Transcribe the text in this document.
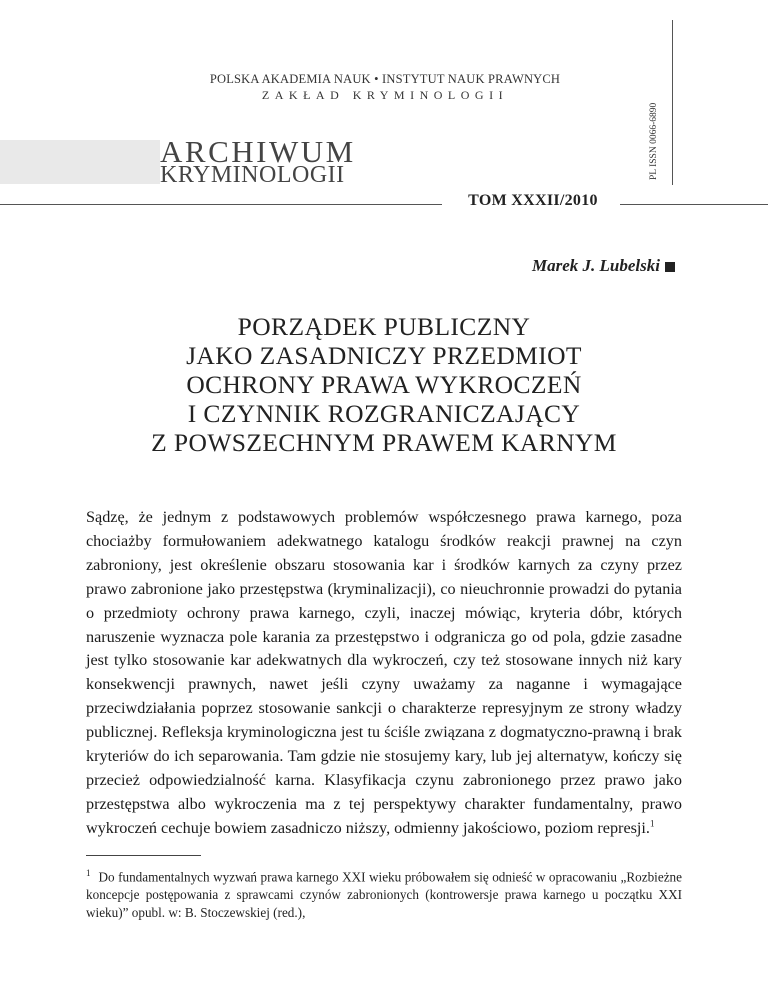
POLSKA AKADEMIA NAUK • INSTYTUT NAUK PRAWNYCH
ZAKŁAD KRYMINOLOGII
PL ISSN 0066-6890
ARCHIWUM
KRYMINOLOGII
TOM XXXII/2010
Marek J. Lubelski
PORZĄDEK PUBLICZNY
JAKO ZASADNICZY PRZEDMIOT
OCHRONY PRAWA WYKROCZEŃ
I CZYNNIK ROZGRANICZAJĄCY
Z POWSZECHNYM PRAWEM KARNYM
Sądzę, że jednym z podstawowych problemów współczesnego prawa karnego, poza chociażby formułowaniem adekwatnego katalogu środków reakcji prawnej na czyn zabroniony, jest określenie obszaru stosowania kar i środków karnych za czyny przez prawo zabronione jako przestępstwa (kryminalizacji), co nieuchronnie prowadzi do pytania o przedmioty ochrony prawa karnego, czyli, inaczej mówiąc, kryteria dóbr, których naruszenie wyznacza pole karania za przestępstwo i odgranicza go od pola, gdzie zasadne jest tylko stosowanie kar adekwatnych dla wykroczeń, czy też stosowane innych niż kary konsekwencji prawnych, nawet jeśli czyny uważamy za naganne i wymagające przeciwdziałania poprzez stosowanie sankcji o charakterze represyjnym ze strony władzy publicznej. Refleksja kryminologiczna jest tu ściśle związana z dogmatyczno-prawną i brak kryteriów do ich separowania. Tam gdzie nie stosujemy kary, lub jej alternatyw, kończy się przecież odpowiedzialność karna. Klasyfikacja czynu zabronionego przez prawo jako przestępstwa albo wykroczenia ma z tej perspektywy charakter fundamentalny, prawo wykroczeń cechuje bowiem zasadniczo niższy, odmienny jakościowo, poziom represji.$^1$
$^1$ Do fundamentalnych wyzwań prawa karnego XXI wieku próbowałem się odnieść w opracowaniu „Rozbieżne koncepcje postępowania z sprawcami czynów zabronionych (kontrowersje prawa karnego u początku XXI wieku)” opubl. w: B. Stoczewskiej (red.),
